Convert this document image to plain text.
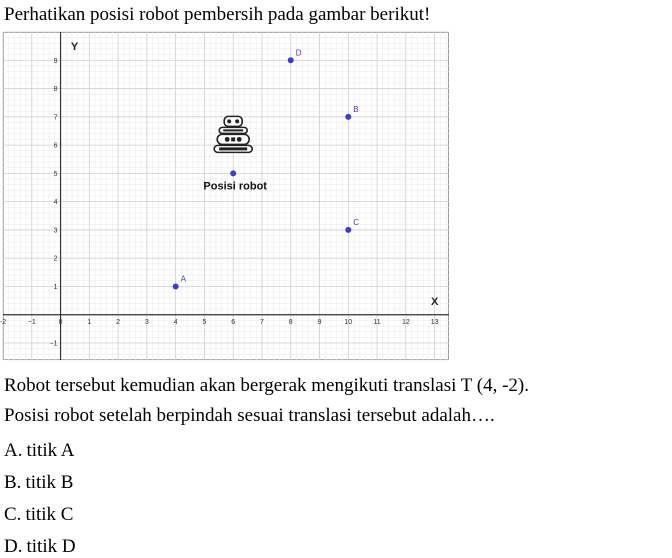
Perhatikan posisi robot pembersih pada gambar berikut!
-2	−1	0	1	2	3	4	5	6	7	8	9	10	11	12	13
−1
1
2
3
4
5
6
7
8
9
X
Y
Posisi robot
A
B
C
D
Robot tersebut kemudian akan bergerak mengikuti translasi T (4, -2).
Posisi robot setelah berpindah sesuai translasi tersebut adalah….
A. titik A
B. titik B
C. titik C
D. titik D
